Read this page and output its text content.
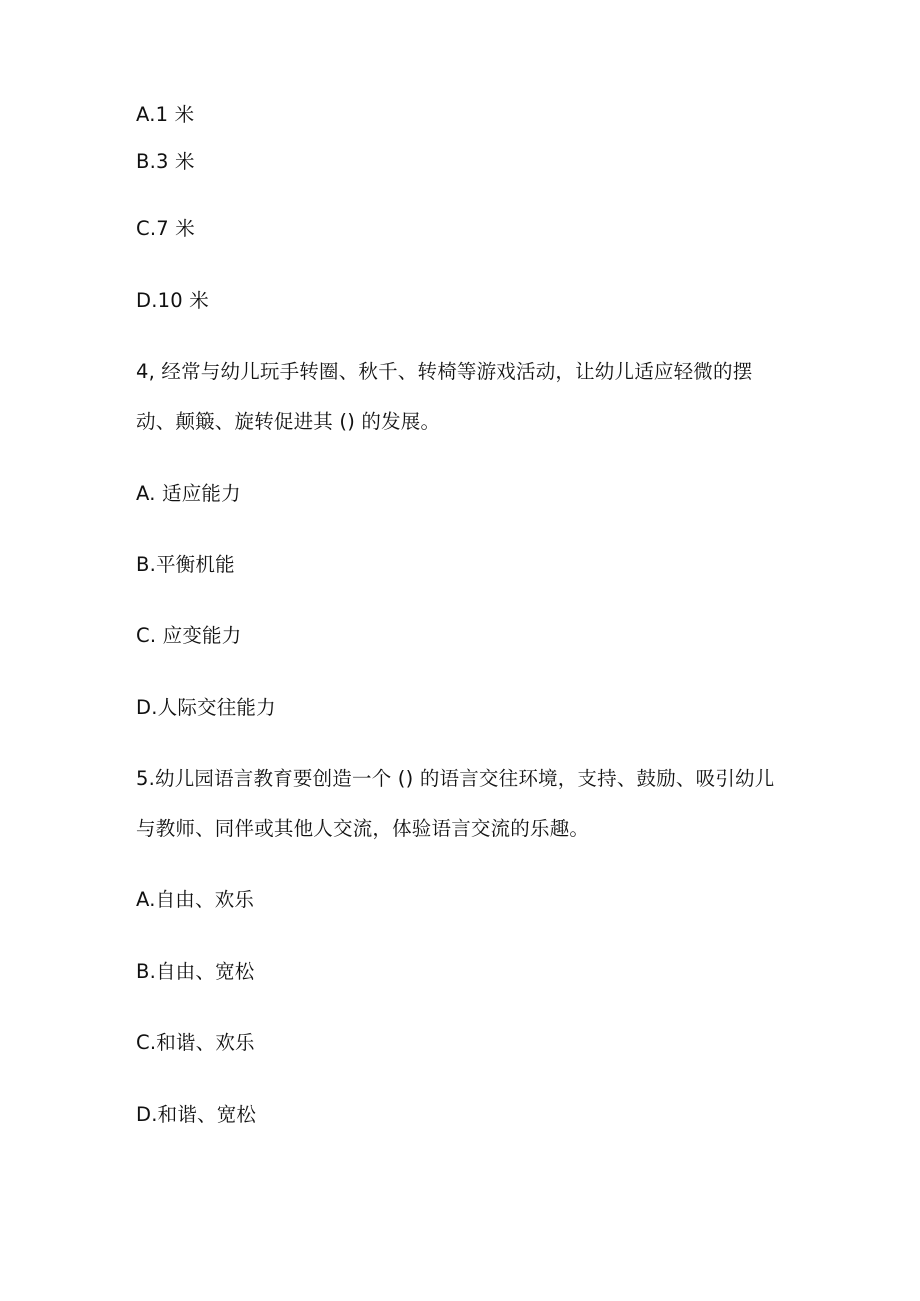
A.1 米
B.3 米
C.7 米
D.10 米
4, 经常与幼儿玩手转圈、秋千、转椅等游戏活动，让幼儿适应轻微的摆
动、颠簸、旋转促进其 () 的发展。
A. 适应能力
B.平衡机能
C. 应变能力
D.人际交往能力
5.幼儿园语言教育要创造一个 () 的语言交往环境，支持、鼓励、吸引幼儿
与教师、同伴或其他人交流，体验语言交流的乐趣。
A.自由、欢乐
B.自由、宽松
C.和谐、欢乐
D.和谐、宽松
